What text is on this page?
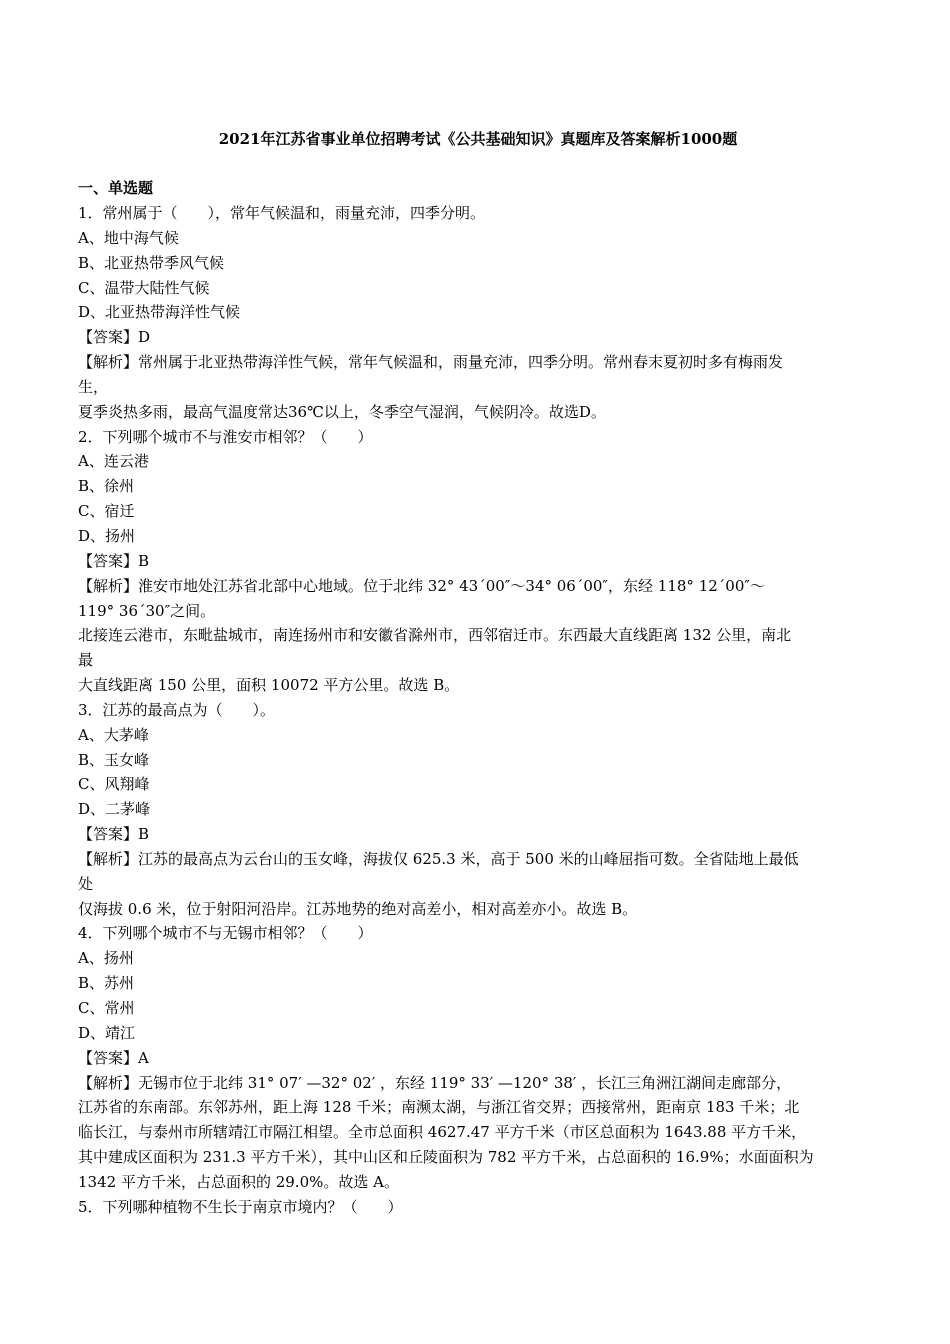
2021年江苏省事业单位招聘考试《公共基础知识》真题库及答案解析1000题
一、单选题
1．常州属于（　　），常年气候温和，雨量充沛，四季分明。
A、地中海气候
B、北亚热带季风气候
C、温带大陆性气候
D、北亚热带海洋性气候
【答案】D
【解析】常州属于北亚热带海洋性气候，常年气候温和，雨量充沛，四季分明。常州春末夏初时多有梅雨发
生，
夏季炎热多雨，最高气温度常达36℃以上，冬季空气湿润，气候阴冷。故选D。
2．下列哪个城市不与淮安市相邻？（　　）
A、连云港
B、徐州
C、宿迁
D、扬州
【答案】B
【解析】淮安市地处江苏省北部中心地域。位于北纬 32° 43´00″～34° 06´00″，东经 118° 12´00″～
119° 36´30″之间。
北接连云港市，东毗盐城市，南连扬州市和安徽省滁州市，西邻宿迁市。东西最大直线距离 132 公里，南北
最
大直线距离 150 公里，面积 10072 平方公里。故选 B。
3．江苏的最高点为（　　）。
A、大茅峰
B、玉女峰
C、风翔峰
D、二茅峰
【答案】B
【解析】江苏的最高点为云台山的玉女峰，海拔仅 625.3 米，高于 500 米的山峰屈指可数。全省陆地上最低
处
仅海拔 0.6 米，位于射阳河沿岸。江苏地势的绝对高差小，相对高差亦小。故选 B。
4．下列哪个城市不与无锡市相邻？（　　）
A、扬州
B、苏州
C、常州
D、靖江
【答案】A
【解析】无锡市位于北纬 31° 07′ —32° 02′ ，东经 119° 33′ —120° 38′ ，长江三角洲江湖间走廊部分，
江苏省的东南部。东邻苏州，距上海 128 千米；南濒太湖，与浙江省交界；西接常州，距南京 183 千米；北
临长江，与泰州市所辖靖江市隔江相望。全市总面积 4627.47 平方千米（市区总面积为 1643.88 平方千米，
其中建成区面积为 231.3 平方千米），其中山区和丘陵面积为 782 平方千米，占总面积的 16.9%；水面面积为
1342 平方千米，占总面积的 29.0%。故选 A。
5．下列哪种植物不生长于南京市境内？（　　）
